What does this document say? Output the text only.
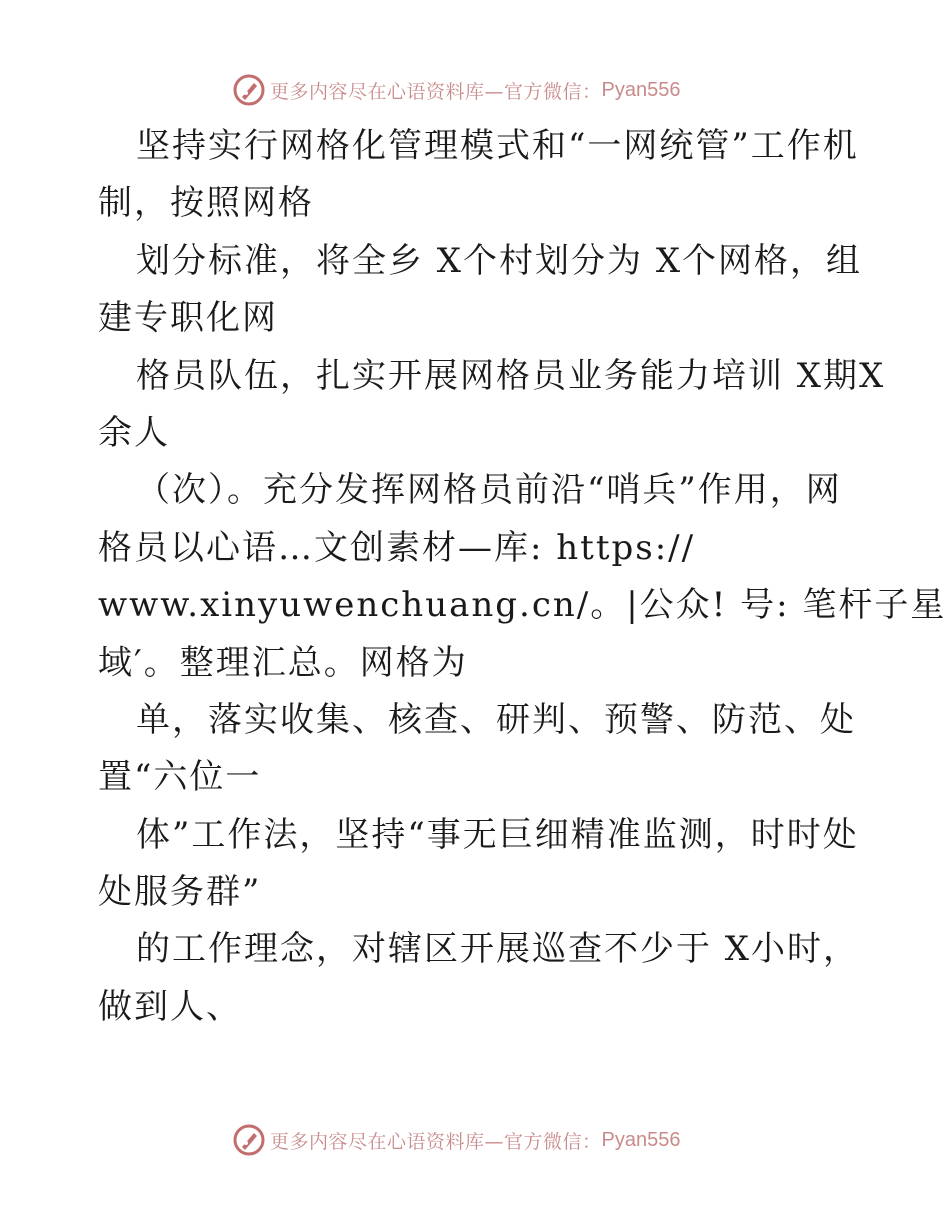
更多内容尽在心语资料库—官方微信： Pyan556
坚持实行网格化管理模式和“一网统管”工作机
制，按照网格
划分标准，将全乡 X个村划分为 X个网格，组
建专职化网
格员队伍，扎实开展网格员业务能力培训 X期X
余人
（次）。充分发挥网格员前沿“哨兵”作用，网
格员以心语…文创素材—库: https://
www.xinyuwenchuang.cn/。|公众! 号: 笔杆子星
域′。整理汇总。网格为
单，落实收集、核查、研判、预警、防范、处
置“六位一
体”工作法，坚持“事无巨细精准监测，时时处
处服务群”
的工作理念，对辖区开展巡查不少于 X小时，
做到人、
更多内容尽在心语资料库—官方微信： Pyan556
